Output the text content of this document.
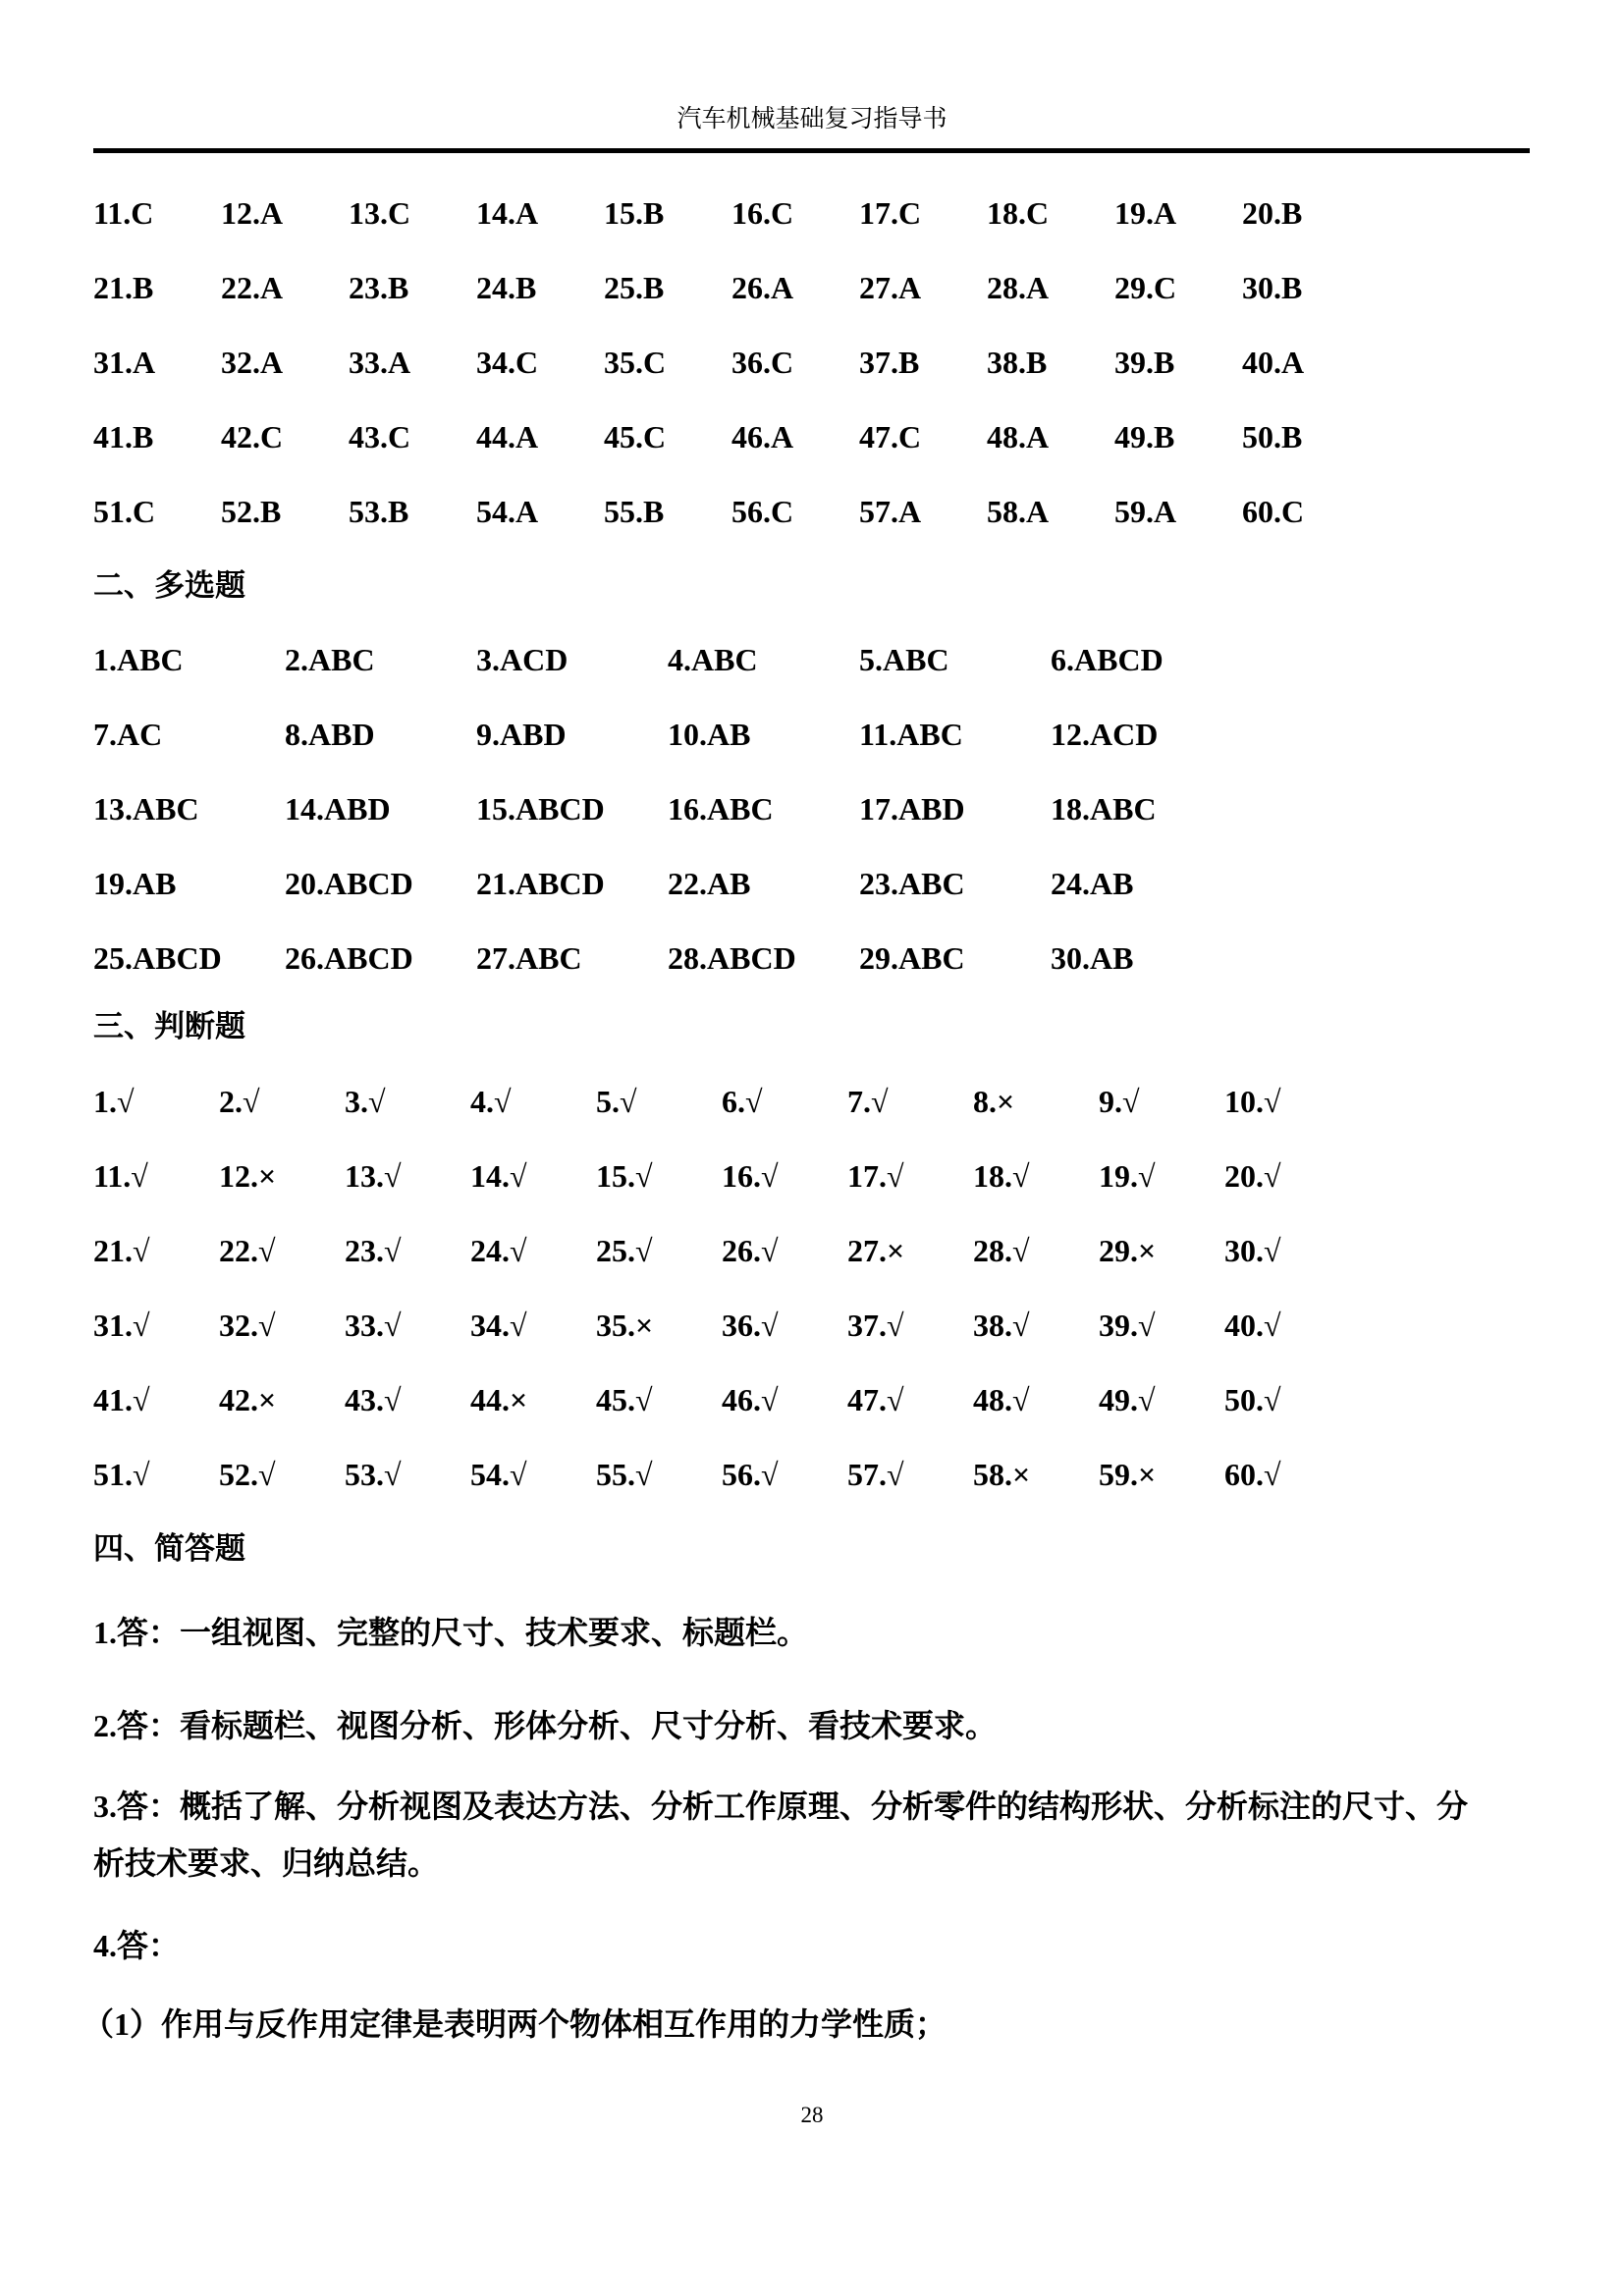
汽车机械基础复习指导书
11.C	12.A	13.C	14.A	15.B	16.C	17.C	18.C	19.A	20.B
21.B	22.A	23.B	24.B	25.B	26.A	27.A	28.A	29.C	30.B
31.A	32.A	33.A	34.C	35.C	36.C	37.B	38.B	39.B	40.A
41.B	42.C	43.C	44.A	45.C	46.A	47.C	48.A	49.B	50.B
51.C	52.B	53.B	54.A	55.B	56.C	57.A	58.A	59.A	60.C
二、多选题
1.ABC	2.ABC	3.ACD	4.ABC	5.ABC	6.ABCD
7.AC	8.ABD	9.ABD	10.AB	11.ABC	12.ACD
13.ABC	14.ABD	15.ABCD	16.ABC	17.ABD	18.ABC
19.AB	20.ABCD	21.ABCD	22.AB	23.ABC	24.AB
25.ABCD	26.ABCD	27.ABC	28.ABCD	29.ABC	30.AB
三、判断题
1.√	2.√	3.√	4.√	5.√	6.√	7.√	8.×	9.√	10.√
11.√	12.×	13.√	14.√	15.√	16.√	17.√	18.√	19.√	20.√
21.√	22.√	23.√	24.√	25.√	26.√	27.×	28.√	29.×	30.√
31.√	32.√	33.√	34.√	35.×	36.√	37.√	38.√	39.√	40.√
41.√	42.×	43.√	44.×	45.√	46.√	47.√	48.√	49.√	50.√
51.√	52.√	53.√	54.√	55.√	56.√	57.√	58.×	59.×	60.√
四、简答题
1.答：一组视图、完整的尺寸、技术要求、标题栏。
2.答：看标题栏、视图分析、形体分析、尺寸分析、看技术要求。
3.答：概括了解、分析视图及表达方法、分析工作原理、分析零件的结构形状、分析标注的尺寸、分
析技术要求、归纳总结。
4.答：
（1）作用与反作用定律是表明两个物体相互作用的力学性质；
28
